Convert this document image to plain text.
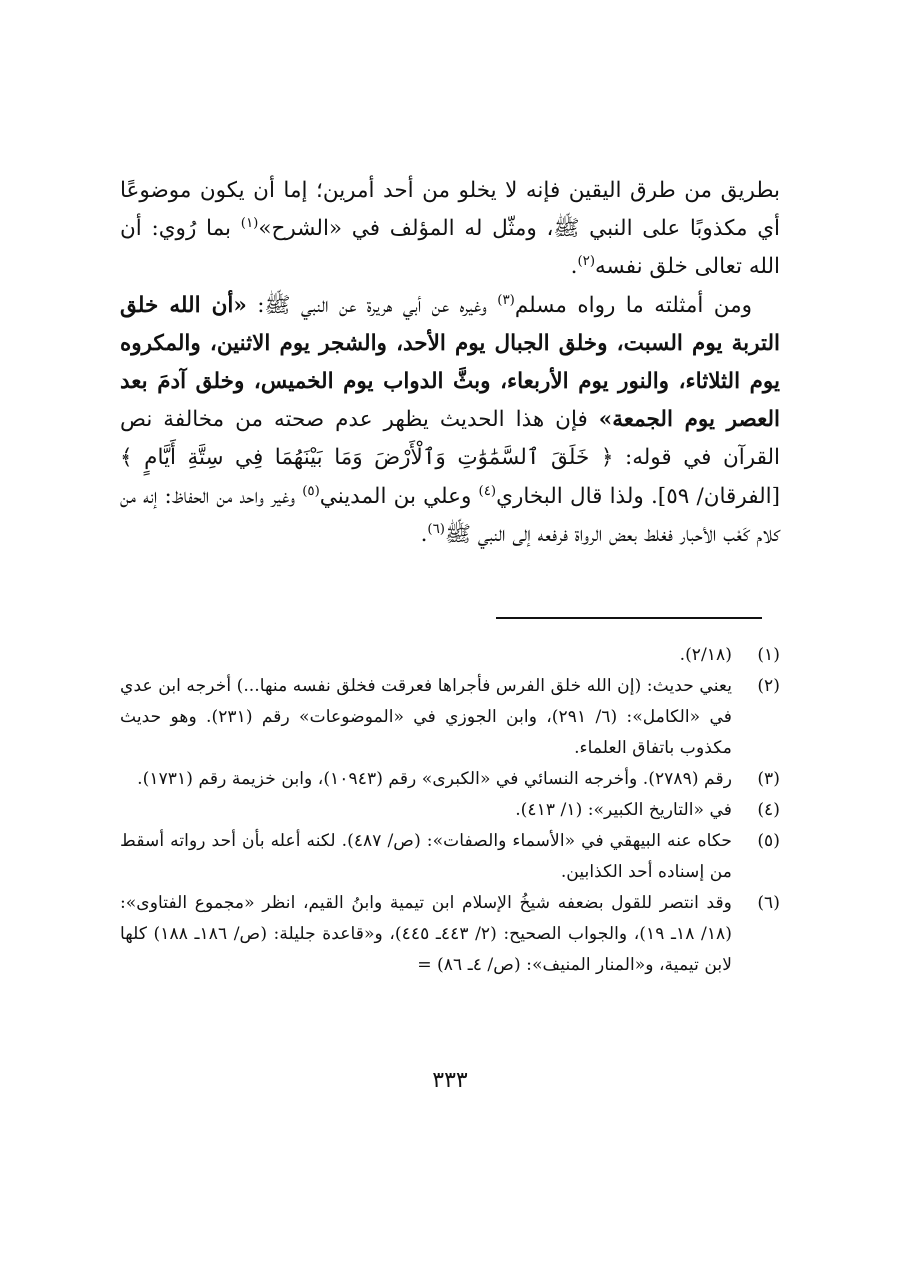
بطريق من طرق اليقين فإنه لا يخلو من أحد أمرين؛ إما أن يكون موضوعًا أي مكذوبًا على النبي ﷺ، ومثّل له المؤلف في «الشرح»$^{(١)}$ بما رُوي: أن الله تعالى خلق نفسه$^{(٢)}$.

ومن أمثلته ما رواه مسلم$^{(٣)}$ وغيره عن أبي هريرة عن النبي ﷺ: «أن الله خلق التربة يوم السبت، وخلق الجبال يوم الأحد، والشجر يوم الاثنين، والمكروه يوم الثلاثاء، والنور يوم الأربعاء، وبثَّ الدواب يوم الخميس، وخلق آدمَ بعد العصر يوم الجمعة» فإن هذا الحديث يظهر عدم صحته من مخالفة نص القرآن في قوله: ﴿ خَلَقَ ٱلسَّمَٰوَٰتِ وَٱلْأَرْضَ وَمَا بَيْنَهُمَا فِي سِتَّةِ أَيَّامٍ ﴾ [الفرقان/ ٥٩]. ولذا قال البخاري$^{(٤)}$ وعلي بن المديني$^{(٥)}$ وغير واحد من الحفاظ: إنه من كلام كَعْب الأحبار فغلط بعض الرواة فرفعه إلى النبي ﷺ$^{(٦)}$.

(١)
(٢/١٨).
(٢)
يعني حديث: (إن الله خلق الفرس فأجراها فعرقت فخلق نفسه منها...) أخرجه ابن عدي في «الكامل»: (٦/ ٢٩١)، وابن الجوزي في «الموضوعات» رقم (٢٣١). وهو حديث مكذوب باتفاق العلماء.
(٣)
رقم (٢٧٨٩). وأخرجه النسائي في «الكبرى» رقم (١٠٩٤٣)، وابن خزيمة رقم (١٧٣١).
(٤)
في «التاريخ الكبير»: (١/ ٤١٣).
(٥)
حكاه عنه البيهقي في «الأسماء والصفات»: (ص/ ٤٨٧). لكنه أعله بأن أحد رواته أسقط من إسناده أحد الكذابين.
(٦)
وقد انتصر للقول بضعفه شيخُ الإسلام ابن تيمية وابنُ القيم، انظر «مجموع الفتاوى»: (١٨/ ١٨ـ ١٩)، والجواب الصحيح: (٢/ ٤٤٣ـ ٤٤٥)، و«قاعدة جليلة: (ص/ ١٨٦ـ ١٨٨) كلها لابن تيمية، و«المنار المنيف»: (ص/ ٤ـ ٨٦) =
٣٣٣
